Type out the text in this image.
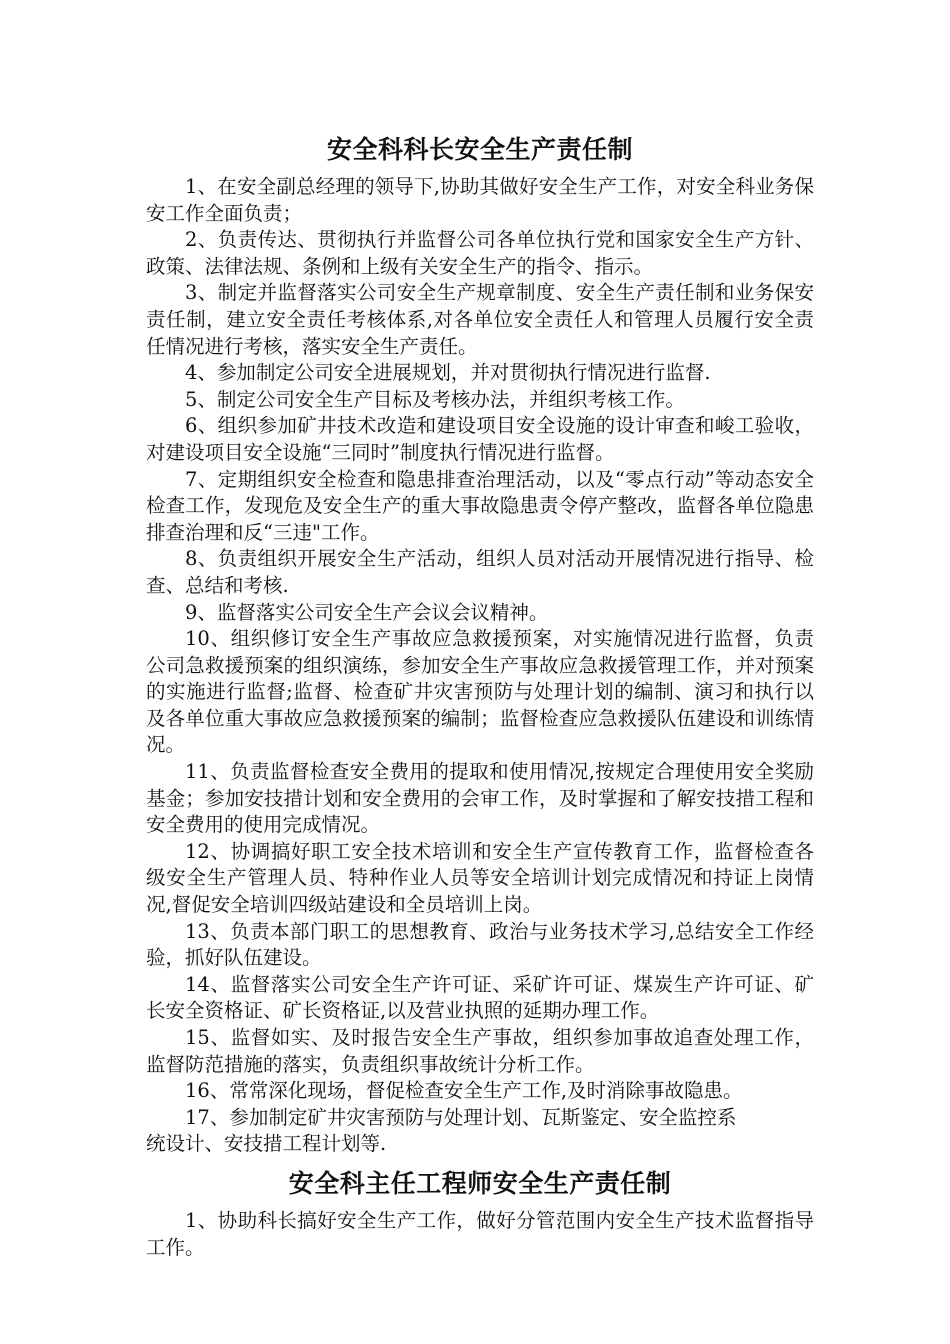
安全科科长安全生产责任制

1、在安全副总经理的领导下,协助其做好安全生产工作，对安全科业务保安工作全面负责；

2、负责传达、贯彻执行并监督公司各单位执行党和国家安全生产方针、政策、法律法规、条例和上级有关安全生产的指令、指示。

3、制定并监督落实公司安全生产规章制度、安全生产责任制和业务保安责任制，建立安全责任考核体系,对各单位安全责任人和管理人员履行安全责任情况进行考核，落实安全生产责任。

4、参加制定公司安全进展规划，并对贯彻执行情况进行监督.

5、制定公司安全生产目标及考核办法，并组织考核工作。

6、组织参加矿井技术改造和建设项目安全设施的设计审查和峻工验收，对建设项目安全设施“三同时”制度执行情况进行监督。

7、定期组织安全检查和隐患排查治理活动，以及“零点行动”等动态安全检查工作，发现危及安全生产的重大事故隐患责令停产整改，监督各单位隐患排查治理和反“三违"工作。

8、负责组织开展安全生产活动，组织人员对活动开展情况进行指导、检查、总结和考核.

9、监督落实公司安全生产会议会议精神。

10、组织修订安全生产事故应急救援预案，对实施情况进行监督，负责公司急救援预案的组织演练，参加安全生产事故应急救援管理工作，并对预案的实施进行监督;监督、检查矿井灾害预防与处理计划的编制、演习和执行以及各单位重大事故应急救援预案的编制；监督检查应急救援队伍建设和训练情况。

11、负责监督检查安全费用的提取和使用情况,按规定合理使用安全奖励基金；参加安技措计划和安全费用的会审工作，及时掌握和了解安技措工程和安全费用的使用完成情况。

12、协调搞好职工安全技术培训和安全生产宣传教育工作，监督检查各级安全生产管理人员、特种作业人员等安全培训计划完成情况和持证上岗情况,督促安全培训四级站建设和全员培训上岗。

13、负责本部门职工的思想教育、政治与业务技术学习,总结安全工作经验，抓好队伍建设。

14、监督落实公司安全生产许可证、采矿许可证、煤炭生产许可证、矿长安全资格证、矿长资格证,以及营业执照的延期办理工作。

15、监督如实、及时报告安全生产事故，组织参加事故追查处理工作，监督防范措施的落实，负责组织事故统计分析工作。

16、常常深化现场，督促检查安全生产工作,及时消除事故隐患。

17、参加制定矿井灾害预防与处理计划、瓦斯鉴定、安全监控系

统设计、安技措工程计划等.

安全科主任工程师安全生产责任制

1、协助科长搞好安全生产工作，做好分管范围内安全生产技术监督指导工作。
